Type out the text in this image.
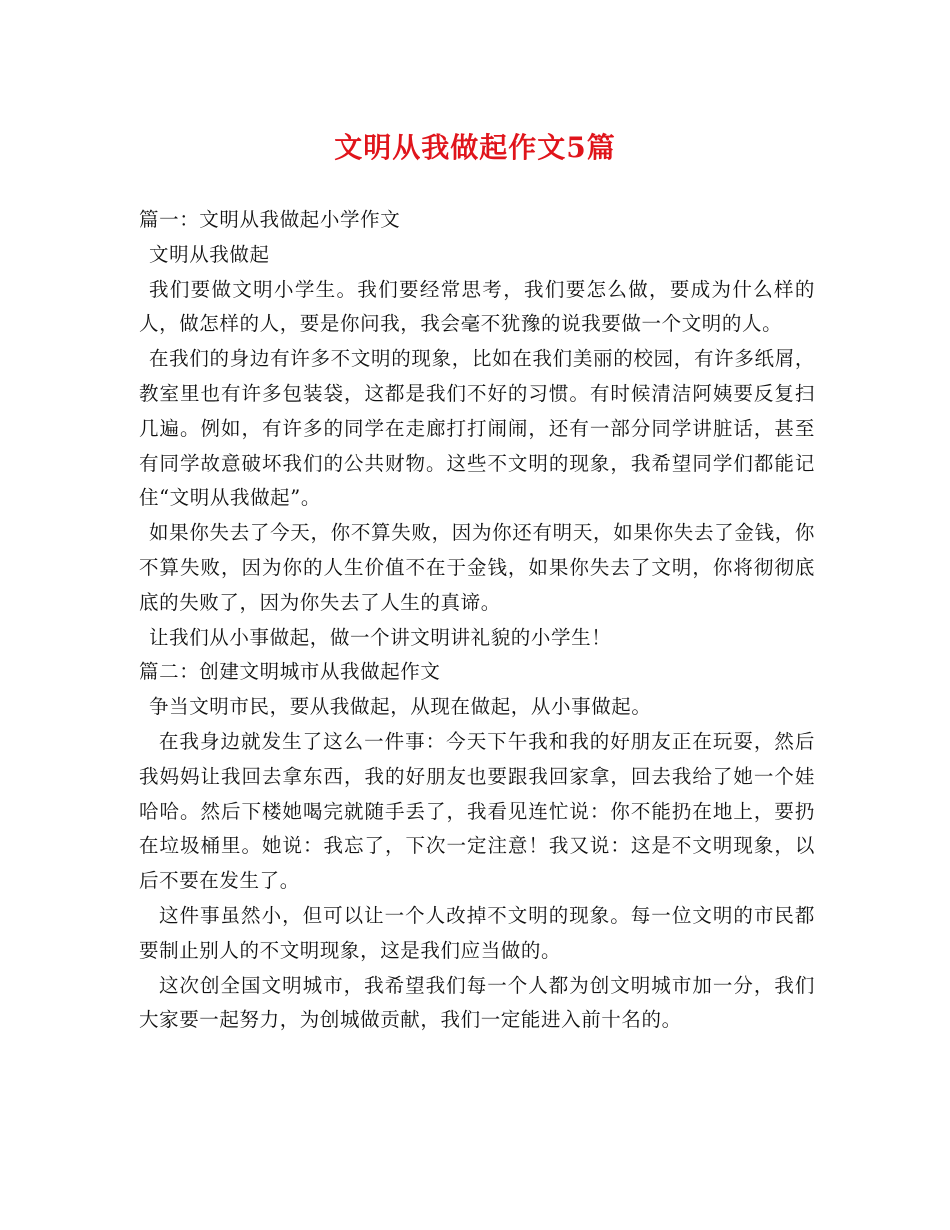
文明从我做起作文5篇

篇一：文明从我做起小学作文

文明从我做起

我们要做文明小学生。我们要经常思考，我们要怎么做，要成为什么样的人，做怎样的人，要是你问我，我会毫不犹豫的说我要做一个文明的人。

在我们的身边有许多不文明的现象，比如在我们美丽的校园，有许多纸屑，教室里也有许多包装袋，这都是我们不好的习惯。有时候清洁阿姨要反复扫几遍。例如，有许多的同学在走廊打打闹闹，还有一部分同学讲脏话，甚至有同学故意破坏我们的公共财物。这些不文明的现象，我希望同学们都能记住“文明从我做起”。

如果你失去了今天，你不算失败，因为你还有明天，如果你失去了金钱，你不算失败，因为你的人生价值不在于金钱，如果你失去了文明，你将彻彻底底的失败了，因为你失去了人生的真谛。

让我们从小事做起，做一个讲文明讲礼貌的小学生！

篇二：创建文明城市从我做起作文

争当文明市民，要从我做起，从现在做起，从小事做起。

在我身边就发生了这么一件事：今天下午我和我的好朋友正在玩耍，然后我妈妈让我回去拿东西，我的好朋友也要跟我回家拿，回去我给了她一个娃哈哈。然后下楼她喝完就随手丢了，我看见连忙说：你不能扔在地上，要扔在垃圾桶里。她说：我忘了，下次一定注意！我又说：这是不文明现象，以后不要在发生了。

这件事虽然小，但可以让一个人改掉不文明的现象。每一位文明的市民都要制止别人的不文明现象，这是我们应当做的。

这次创全国文明城市，我希望我们每一个人都为创文明城市加一分，我们大家要一起努力，为创城做贡献，我们一定能进入前十名的。
